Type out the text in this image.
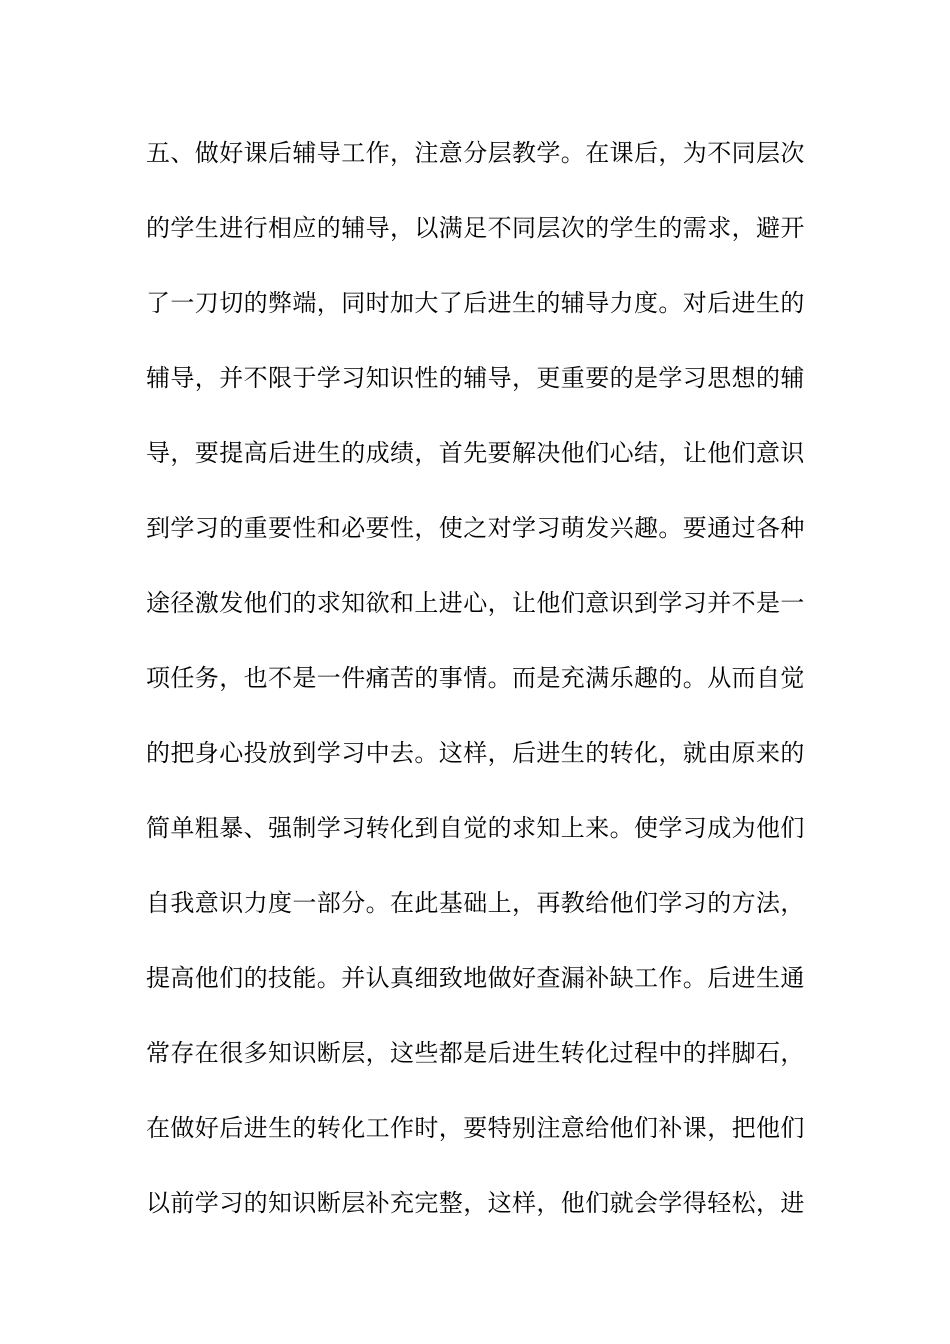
五、做好课后辅导工作，注意分层教学。在课后，为不同层次
的学生进行相应的辅导，以满足不同层次的学生的需求，避开
了一刀切的弊端，同时加大了后进生的辅导力度。对后进生的
辅导，并不限于学习知识性的辅导，更重要的是学习思想的辅
导，要提高后进生的成绩，首先要解决他们心结，让他们意识
到学习的重要性和必要性，使之对学习萌发兴趣。要通过各种
途径激发他们的求知欲和上进心，让他们意识到学习并不是一
项任务，也不是一件痛苦的事情。而是充满乐趣的。从而自觉
的把身心投放到学习中去。这样，后进生的转化，就由原来的
简单粗暴、强制学习转化到自觉的求知上来。使学习成为他们
自我意识力度一部分。在此基础上，再教给他们学习的方法，
提高他们的技能。并认真细致地做好查漏补缺工作。后进生通
常存在很多知识断层，这些都是后进生转化过程中的拌脚石，
在做好后进生的转化工作时，要特别注意给他们补课，把他们
以前学习的知识断层补充完整，这样，他们就会学得轻松，进
